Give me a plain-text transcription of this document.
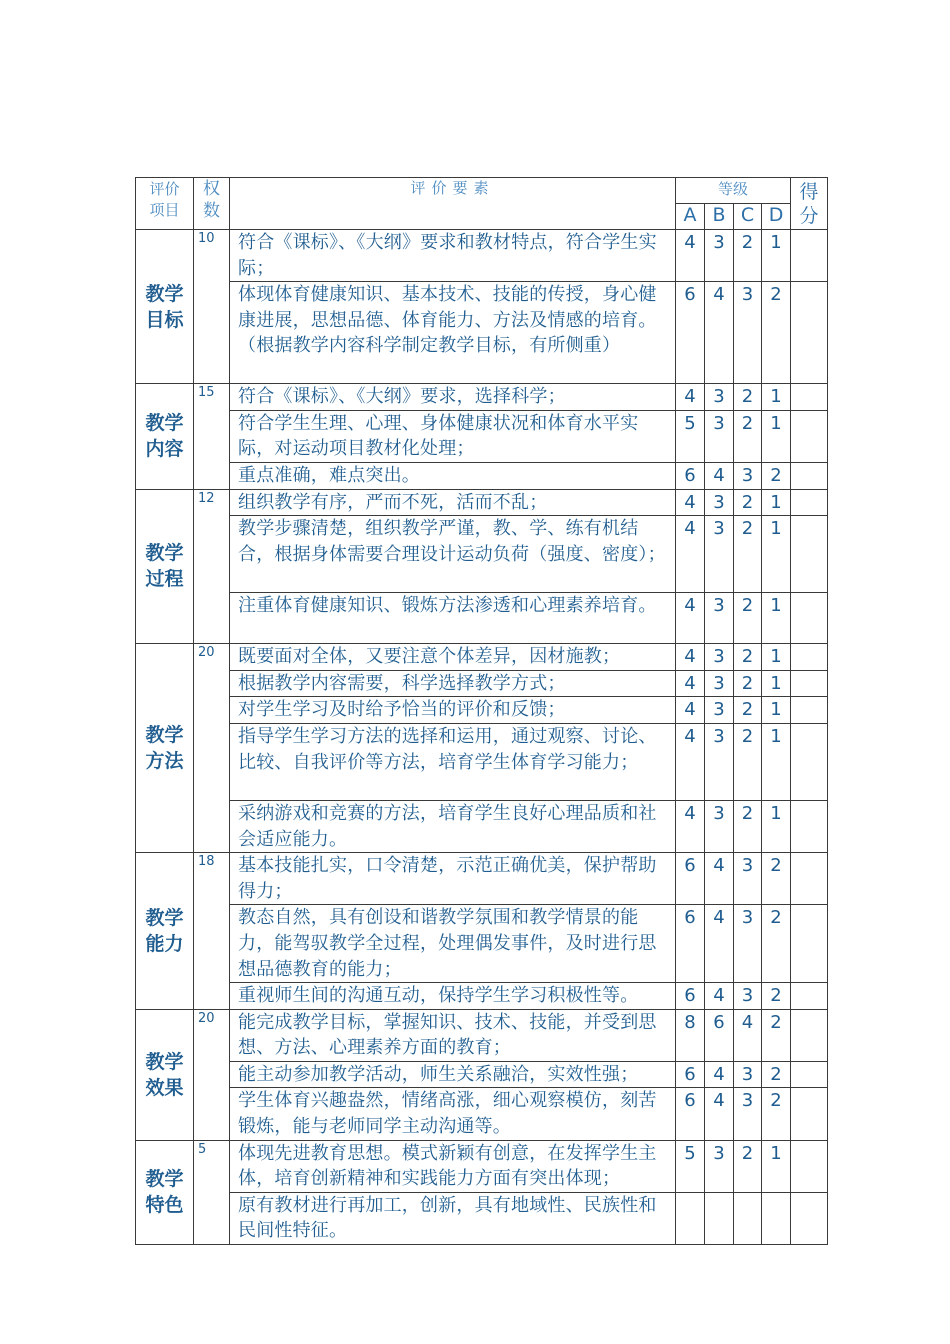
评价项目	权数	评价要素	等级				得分

			A	B	C	D	

教学目标	10	符合《课标》、《大纲》要求和教材特点，符合学生实际；	4	3	2	1	
		体现体育健康知识、基本技术、技能的传授，身心健康进展，思想品德、体育能力、方法及情感的培育。（根据教学内容科学制定教学目标，有所侧重）	6	4	3	2	

教学内容	15	符合《课标》、《大纲》要求，选择科学；	4	3	2	1	
		符合学生生理、心理、身体健康状况和体育水平实际，对运动项目教材化处理；	5	3	2	1	
		重点准确，难点突出。	6	4	3	2	

教学过程	12	组织教学有序，严而不死，活而不乱；	4	3	2	1	
		教学步骤清楚，组织教学严谨，教、学、练有机结合，根据身体需要合理设计运动负荷（强度、密度）；	4	3	2	1	
		注重体育健康知识、锻炼方法渗透和心理素养培育。	4	3	2	1	

教学方法	20	既要面对全体，又要注意个体差异，因材施教；	4	3	2	1	
		根据教学内容需要，科学选择教学方式；	4	3	2	1	
		对学生学习及时给予恰当的评价和反馈；	4	3	2	1	
		指导学生学习方法的选择和运用，通过观察、讨论、比较、自我评价等方法，培育学生体育学习能力；	4	3	2	1	
		采纳游戏和竞赛的方法，培育学生良好心理品质和社会适应能力。	4	3	2	1	

教学能力	18	基本技能扎实，口令清楚，示范正确优美，保护帮助得力；	6	4	3	2	
		教态自然，具有创设和谐教学氛围和教学情景的能力，能驾驭教学全过程，处理偶发事件，及时进行思想品德教育的能力；	6	4	3	2	
		重视师生间的沟通互动，保持学生学习积极性等。	6	4	3	2	

教学效果	20	能完成教学目标，掌握知识、技术、技能，并受到思想、方法、心理素养方面的教育；	8	6	4	2	
		能主动参加教学活动，师生关系融洽，实效性强；	6	4	3	2	
		学生体育兴趣盎然，情绪高涨，细心观察模仿，刻苦锻炼，能与老师同学主动沟通等。	6	4	3	2	

教学特色	5	体现先进教育思想。模式新颖有创意，在发挥学生主体，培育创新精神和实践能力方面有突出体现；	5	3	2	1	
		原有教材进行再加工，创新，具有地域性、民族性和民间性特征。					
